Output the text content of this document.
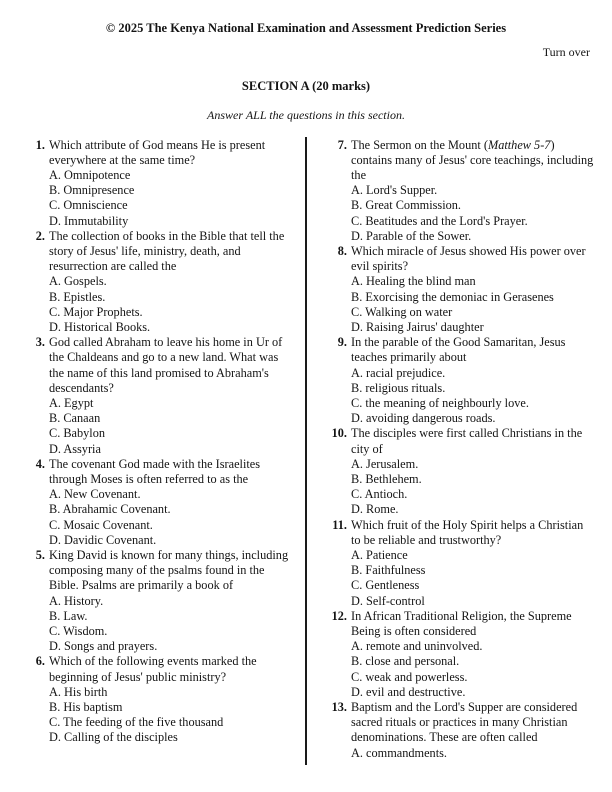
© 2025 The Kenya National Examination and Assessment Prediction Series
Turn over
SECTION A (20 marks)
Answer ALL the questions in this section.
1. Which attribute of God means He is present everywhere at the same time?
A. Omnipotence
B. Omnipresence
C. Omniscience
D. Immutability
2. The collection of books in the Bible that tell the story of Jesus' life, ministry, death, and resurrection are called the
A. Gospels.
B. Epistles.
C. Major Prophets.
D. Historical Books.
3. God called Abraham to leave his home in Ur of the Chaldeans and go to a new land. What was the name of this land promised to Abraham's descendants?
A. Egypt
B. Canaan
C. Babylon
D. Assyria
4. The covenant God made with the Israelites through Moses is often referred to as the
A. New Covenant.
B. Abrahamic Covenant.
C. Mosaic Covenant.
D. Davidic Covenant.
5. King David is known for many things, including composing many of the psalms found in the Bible. Psalms are primarily a book of
A. History.
B. Law.
C. Wisdom.
D. Songs and prayers.
6. Which of the following events marked the beginning of Jesus' public ministry?
A. His birth
B. His baptism
C. The feeding of the five thousand
D. Calling of the disciples
7. The Sermon on the Mount (Matthew 5-7) contains many of Jesus' core teachings, including the
A. Lord's Supper.
B. Great Commission.
C. Beatitudes and the Lord's Prayer.
D. Parable of the Sower.
8. Which miracle of Jesus showed His power over evil spirits?
A. Healing the blind man
B. Exorcising the demoniac in Gerasenes
C. Walking on water
D. Raising Jairus' daughter
9. In the parable of the Good Samaritan, Jesus teaches primarily about
A. racial prejudice.
B. religious rituals.
C. the meaning of neighbourly love.
D. avoiding dangerous roads.
10. The disciples were first called Christians in the city of
A. Jerusalem.
B. Bethlehem.
C. Antioch.
D. Rome.
11. Which fruit of the Holy Spirit helps a Christian to be reliable and trustworthy?
A. Patience
B. Faithfulness
C. Gentleness
D. Self-control
12. In African Traditional Religion, the Supreme Being is often considered
A. remote and uninvolved.
B. close and personal.
C. weak and powerless.
D. evil and destructive.
13. Baptism and the Lord's Supper are considered sacred rituals or practices in many Christian denominations. These are often called
A. commandments.
